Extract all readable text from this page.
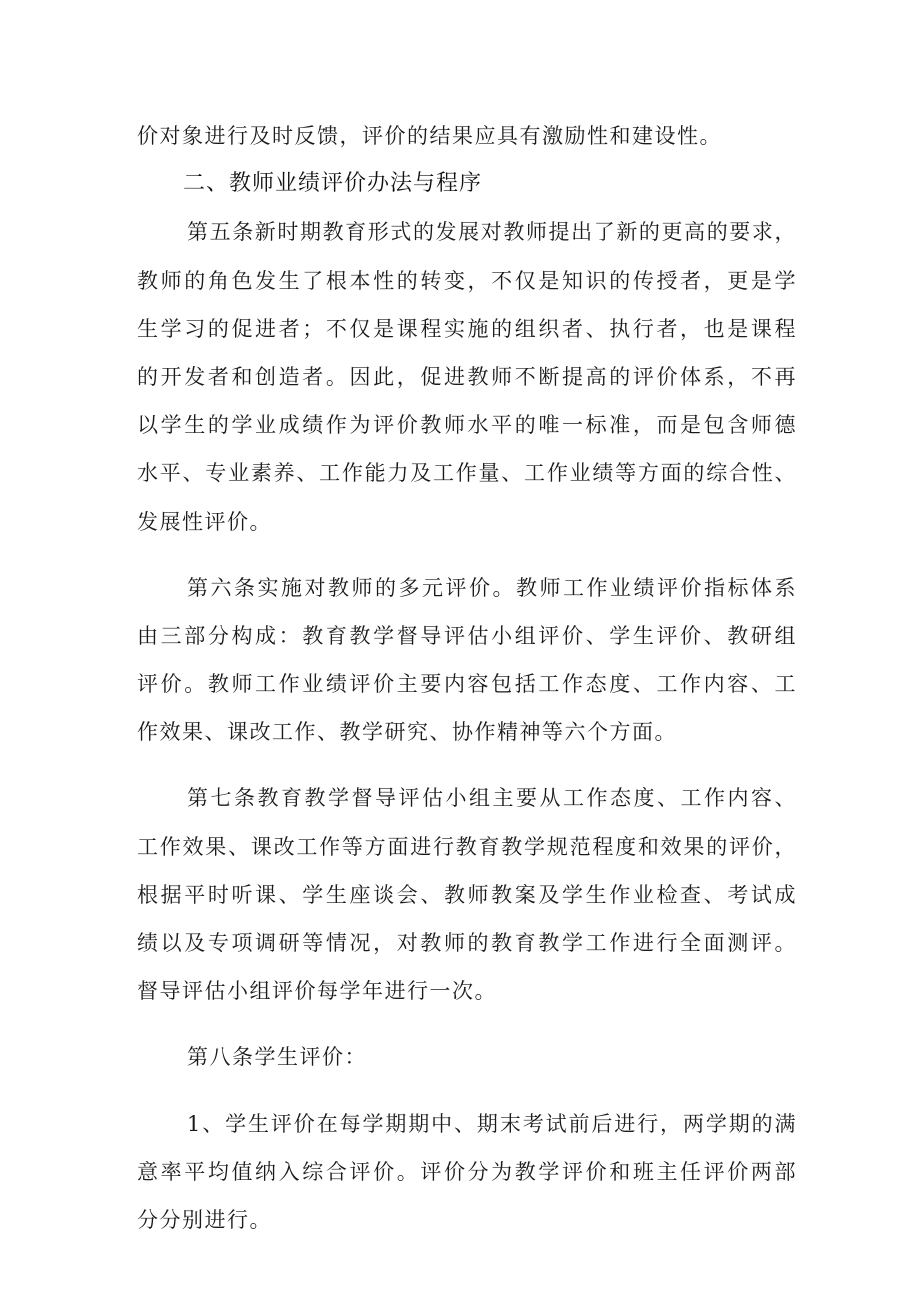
价对象进行及时反馈，评价的结果应具有激励性和建设性。
二、教师业绩评价办法与程序
第五条新时期教育形式的发展对教师提出了新的更高的要求，
教师的角色发生了根本性的转变，不仅是知识的传授者，更是学
生学习的促进者；不仅是课程实施的组织者、执行者，也是课程
的开发者和创造者。因此，促进教师不断提高的评价体系，不再
以学生的学业成绩作为评价教师水平的唯一标准，而是包含师德
水平、专业素养、工作能力及工作量、工作业绩等方面的综合性、
发展性评价。
第六条实施对教师的多元评价。教师工作业绩评价指标体系
由三部分构成：教育教学督导评估小组评价、学生评价、教研组
评价。教师工作业绩评价主要内容包括工作态度、工作内容、工
作效果、课改工作、教学研究、协作精神等六个方面。
第七条教育教学督导评估小组主要从工作态度、工作内容、
工作效果、课改工作等方面进行教育教学规范程度和效果的评价，
根据平时听课、学生座谈会、教师教案及学生作业检查、考试成
绩以及专项调研等情况，对教师的教育教学工作进行全面测评。
督导评估小组评价每学年进行一次。
第八条学生评价：
1、学生评价在每学期期中、期末考试前后进行，两学期的满
意率平均值纳入综合评价。评价分为教学评价和班主任评价两部
分分别进行。
